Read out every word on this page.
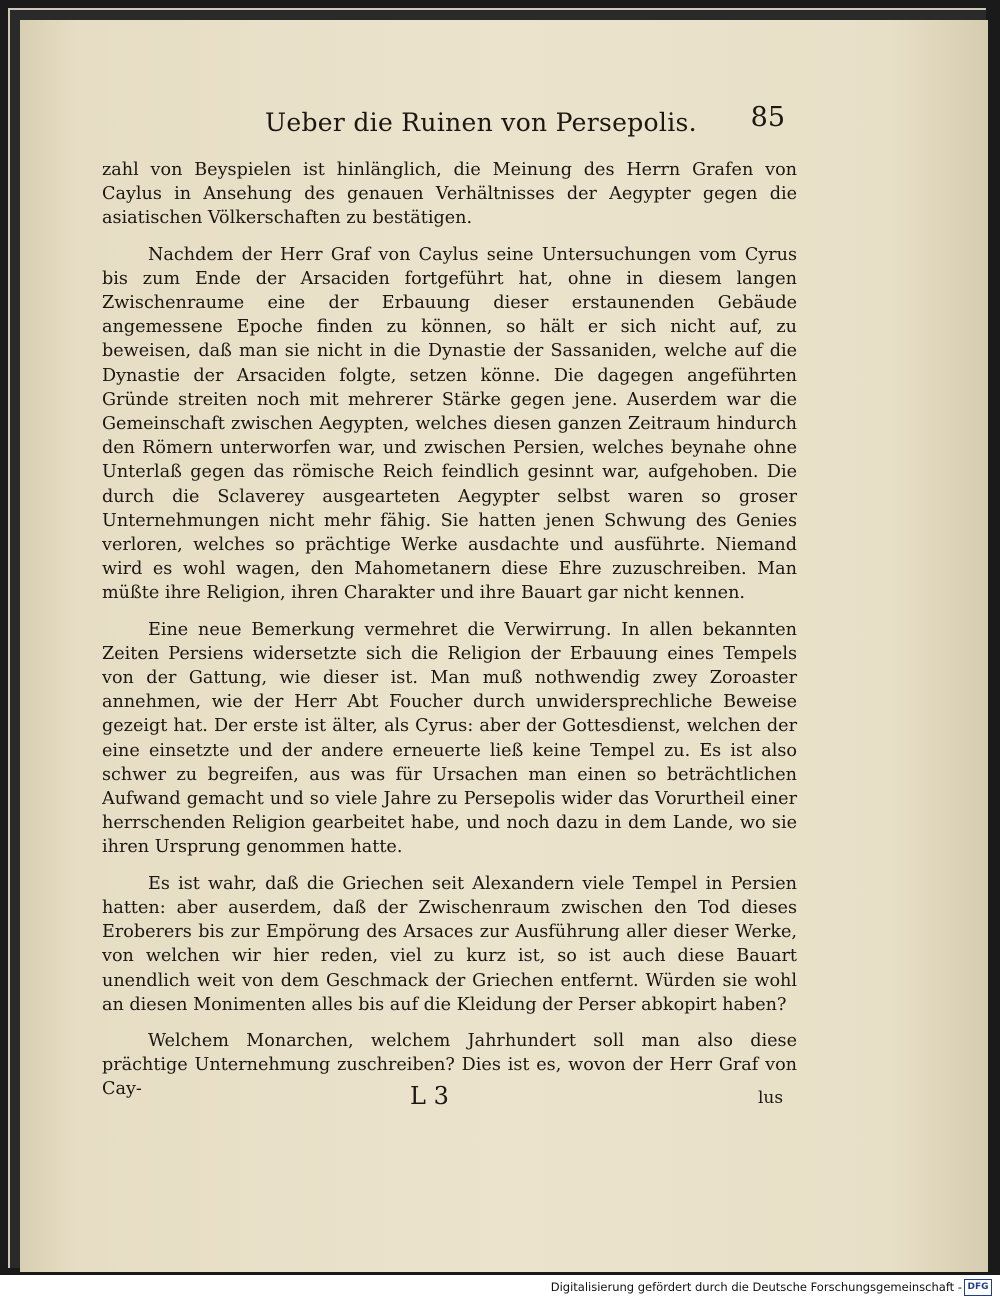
Ueber die Ruinen von Persepolis. 85

zahl von Beyspielen ist hinlänglich, die Meinung des Herrn Grafen von Caylus in Ansehung des genauen Verhältnisses der Aegypter gegen die asiatischen Völkerschaften zu bestätigen.

Nachdem der Herr Graf von Caylus seine Untersuchungen vom Cyrus bis zum Ende der Arsaciden fortgeführt hat, ohne in diesem langen Zwischenraume eine der Erbauung dieser erstaunenden Gebäude angemessene Epoche finden zu können, so hält er sich nicht auf, zu beweisen, daß man sie nicht in die Dynastie der Sassaniden, welche auf die Dynastie der Arsaciden folgte, setzen könne. Die dagegen angeführten Gründe streiten noch mit mehrerer Stärke gegen jene. Auserdem war die Gemeinschaft zwischen Aegypten, welches diesen ganzen Zeitraum hindurch den Römern unterworfen war, und zwischen Persien, welches beynahe ohne Unterlaß gegen das römische Reich feindlich gesinnt war, aufgehoben. Die durch die Sclaverey ausgearteten Aegypter selbst waren so groser Unternehmungen nicht mehr fähig. Sie hatten jenen Schwung des Genies verloren, welches so prächtige Werke ausdachte und ausführte. Niemand wird es wohl wagen, den Mahometanern diese Ehre zuzuschreiben. Man müßte ihre Religion, ihren Charakter und ihre Bauart gar nicht kennen.

Eine neue Bemerkung vermehret die Verwirrung. In allen bekannten Zeiten Persiens widersetzte sich die Religion der Erbauung eines Tempels von der Gattung, wie dieser ist. Man muß nothwendig zwey Zoroaster annehmen, wie der Herr Abt Foucher durch unwidersprechliche Beweise gezeigt hat. Der erste ist älter, als Cyrus: aber der Gottesdienst, welchen der eine einsetzte und der andere erneuerte ließ keine Tempel zu. Es ist also schwer zu begreifen, aus was für Ursachen man einen so beträchtlichen Aufwand gemacht und so viele Jahre zu Persepolis wider das Vorurtheil einer herrschenden Religion gearbeitet habe, und noch dazu in dem Lande, wo sie ihren Ursprung genommen hatte.

Es ist wahr, daß die Griechen seit Alexandern viele Tempel in Persien hatten: aber auserdem, daß der Zwischenraum zwischen den Tod dieses Eroberers bis zur Empörung des Arsaces zur Ausführung aller dieser Werke, von welchen wir hier reden, viel zu kurz ist, so ist auch diese Bauart unendlich weit von dem Geschmack der Griechen entfernt. Würden sie wohl an diesen Monimenten alles bis auf die Kleidung der Perser abkopirt haben?

Welchem Monarchen, welchem Jahrhundert soll man also diese prächtige Unternehmung zuschreiben? Dies ist es, wovon der Herr Graf von Cay-	L 3	lus
Digitalisierung gefördert durch die Deutsche Forschungsgemeinschaft - DFG
